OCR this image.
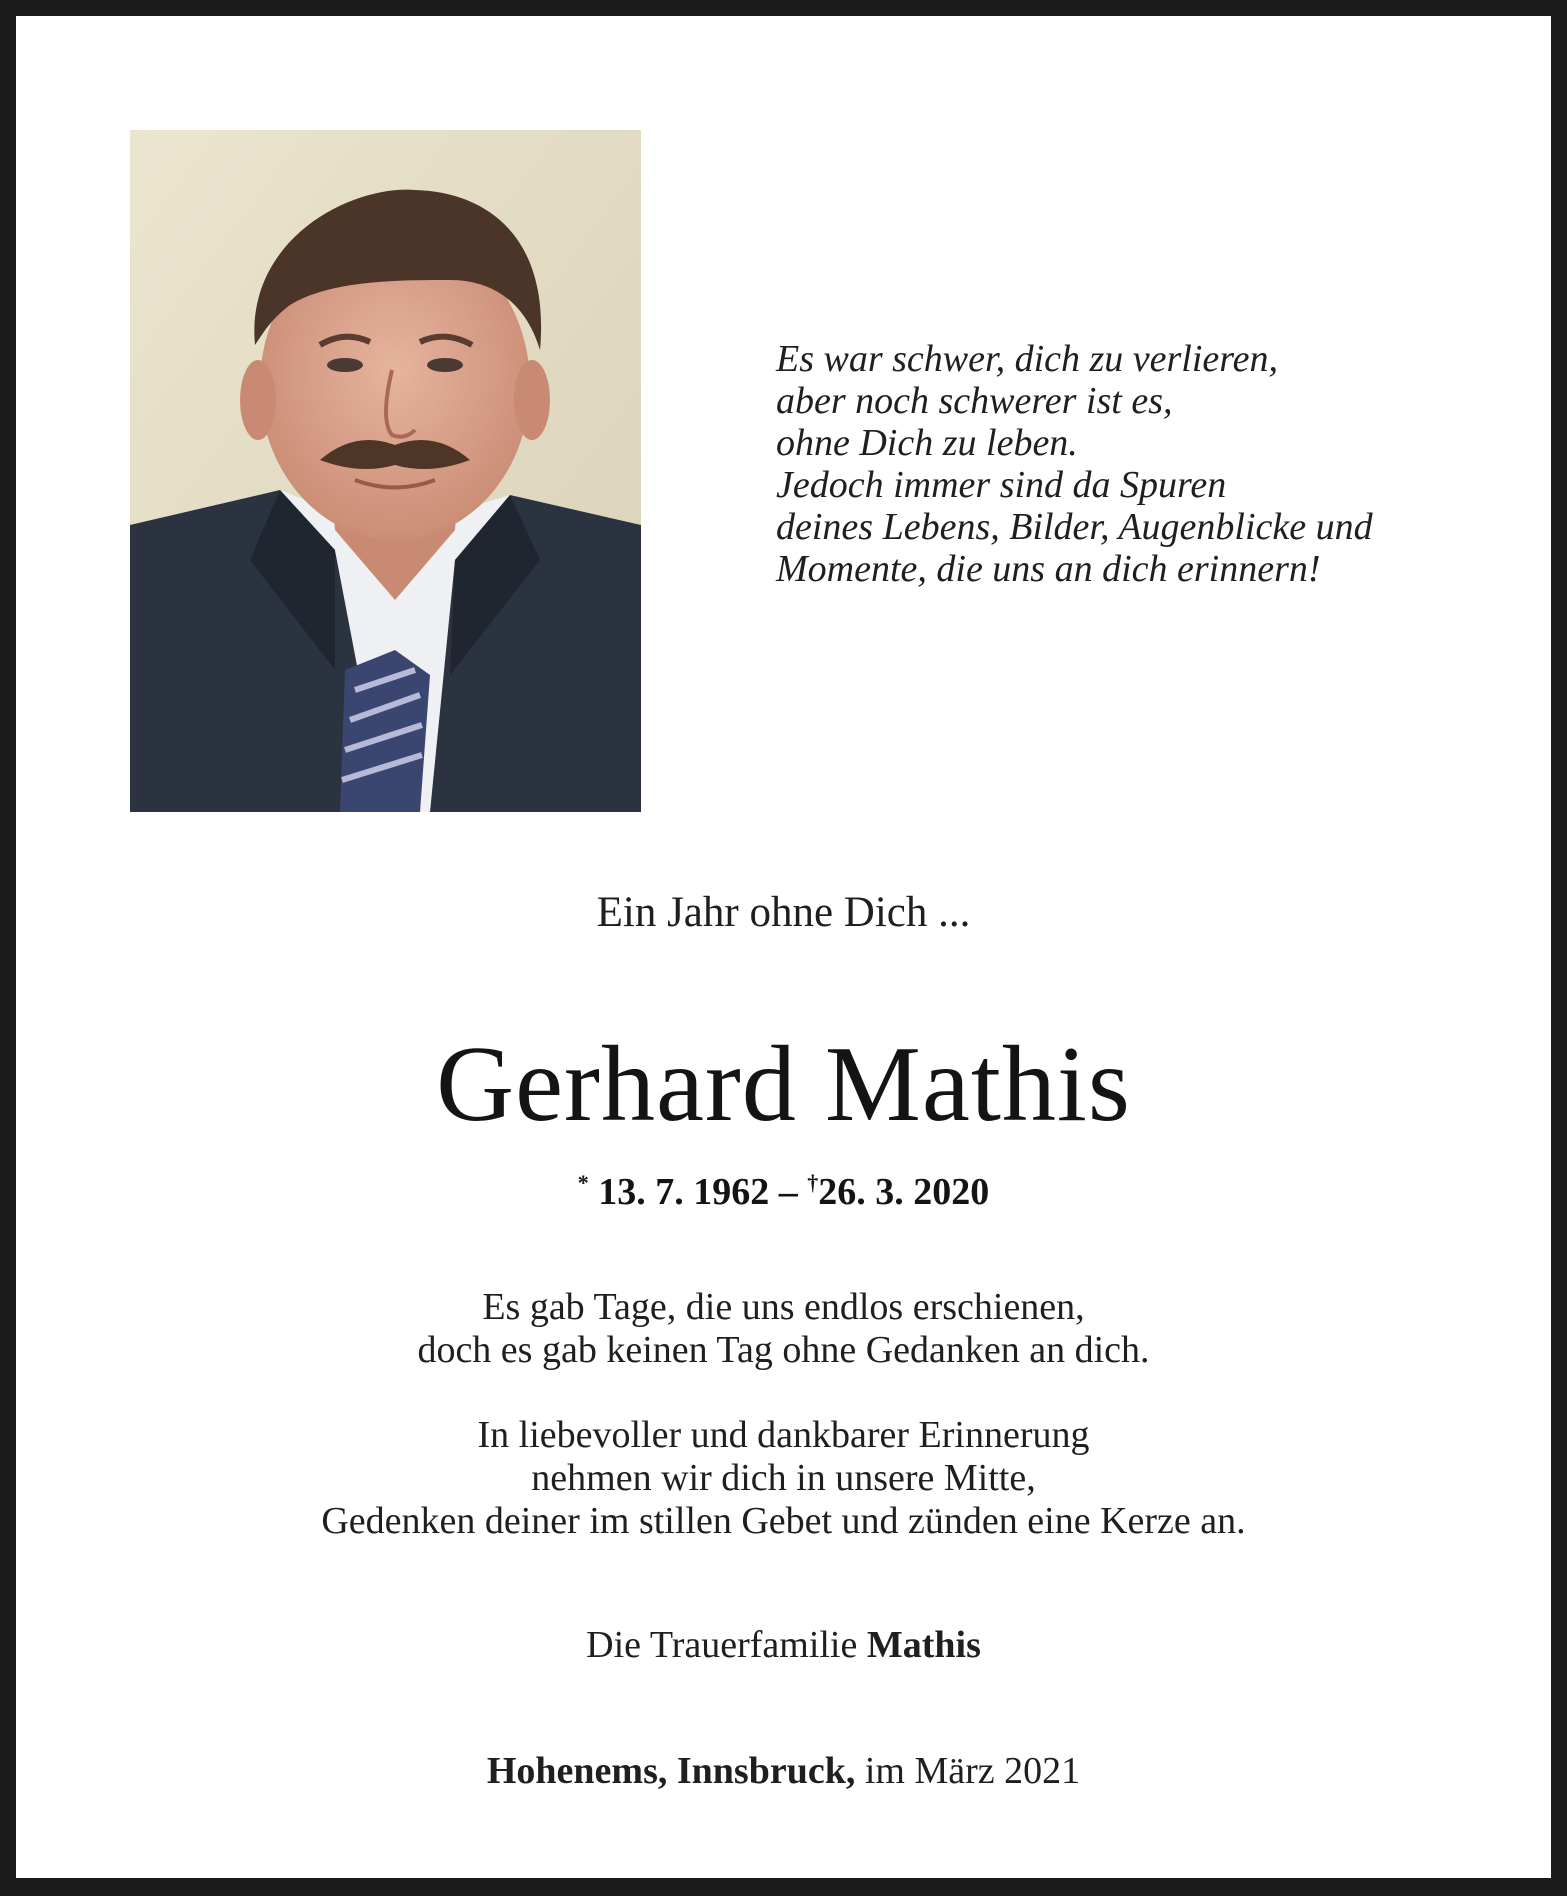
Es war schwer, dich zu verlieren,
aber noch schwerer ist es,
ohne Dich zu leben.
Jedoch immer sind da Spuren
deines Lebens, Bilder, Augenblicke und
Momente, die uns an dich erinnern!
Ein Jahr ohne Dich ...
Gerhard Mathis
* 13. 7. 1962 – †26. 3. 2020
Es gab Tage, die uns endlos erschienen,
doch es gab keinen Tag ohne Gedanken an dich.
In liebevoller und dankbarer Erinnerung
nehmen wir dich in unsere Mitte,
Gedenken deiner im stillen Gebet und zünden eine Kerze an.
Die Trauerfamilie Mathis
Hohenems, Innsbruck, im März 2021
